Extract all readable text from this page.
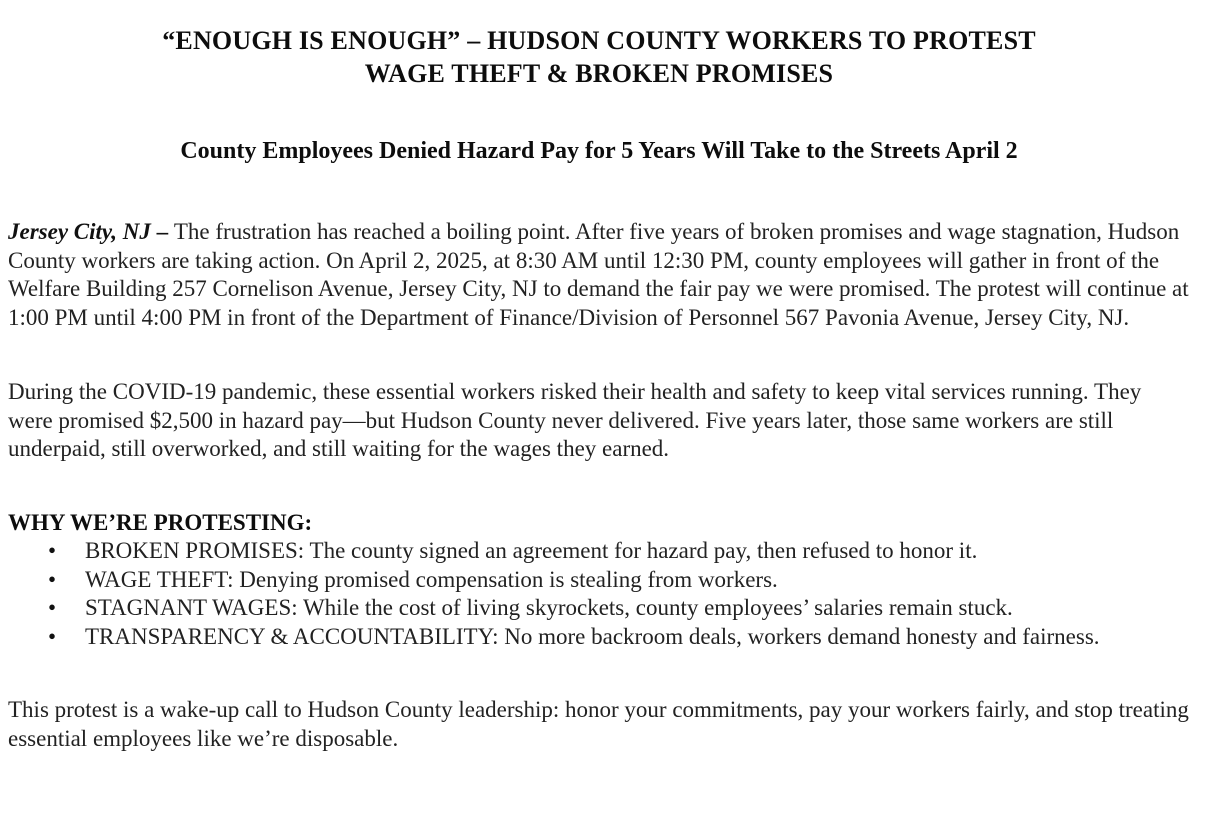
“ENOUGH IS ENOUGH” – HUDSON COUNTY WORKERS TO PROTEST
WAGE THEFT & BROKEN PROMISES
County Employees Denied Hazard Pay for 5 Years Will Take to the Streets April 2

Jersey City, NJ – The frustration has reached a boiling point. After five years of broken promises and wage stagnation, Hudson County workers are taking action. On April 2, 2025, at 8:30 AM until 12:30 PM, county employees will gather in front of the Welfare Building 257 Cornelison Avenue, Jersey City, NJ to demand the fair pay we were promised. The protest will continue at 1:00 PM until 4:00 PM in front of the Department of Finance/Division of Personnel 567 Pavonia Avenue, Jersey City, NJ.

During the COVID-19 pandemic, these essential workers risked their health and safety to keep vital services running. They were promised $2,500 in hazard pay—but Hudson County never delivered. Five years later, those same workers are still underpaid, still overworked, and still waiting for the wages they earned.

WHY WE’RE PROTESTING:

• BROKEN PROMISES: The county signed an agreement for hazard pay, then refused to honor it.
• WAGE THEFT: Denying promised compensation is stealing from workers.
• STAGNANT WAGES: While the cost of living skyrockets, county employees’ salaries remain stuck.
• TRANSPARENCY & ACCOUNTABILITY: No more backroom deals, workers demand honesty and fairness.

This protest is a wake-up call to Hudson County leadership: honor your commitments, pay your workers fairly, and stop treating essential employees like we’re disposable.
